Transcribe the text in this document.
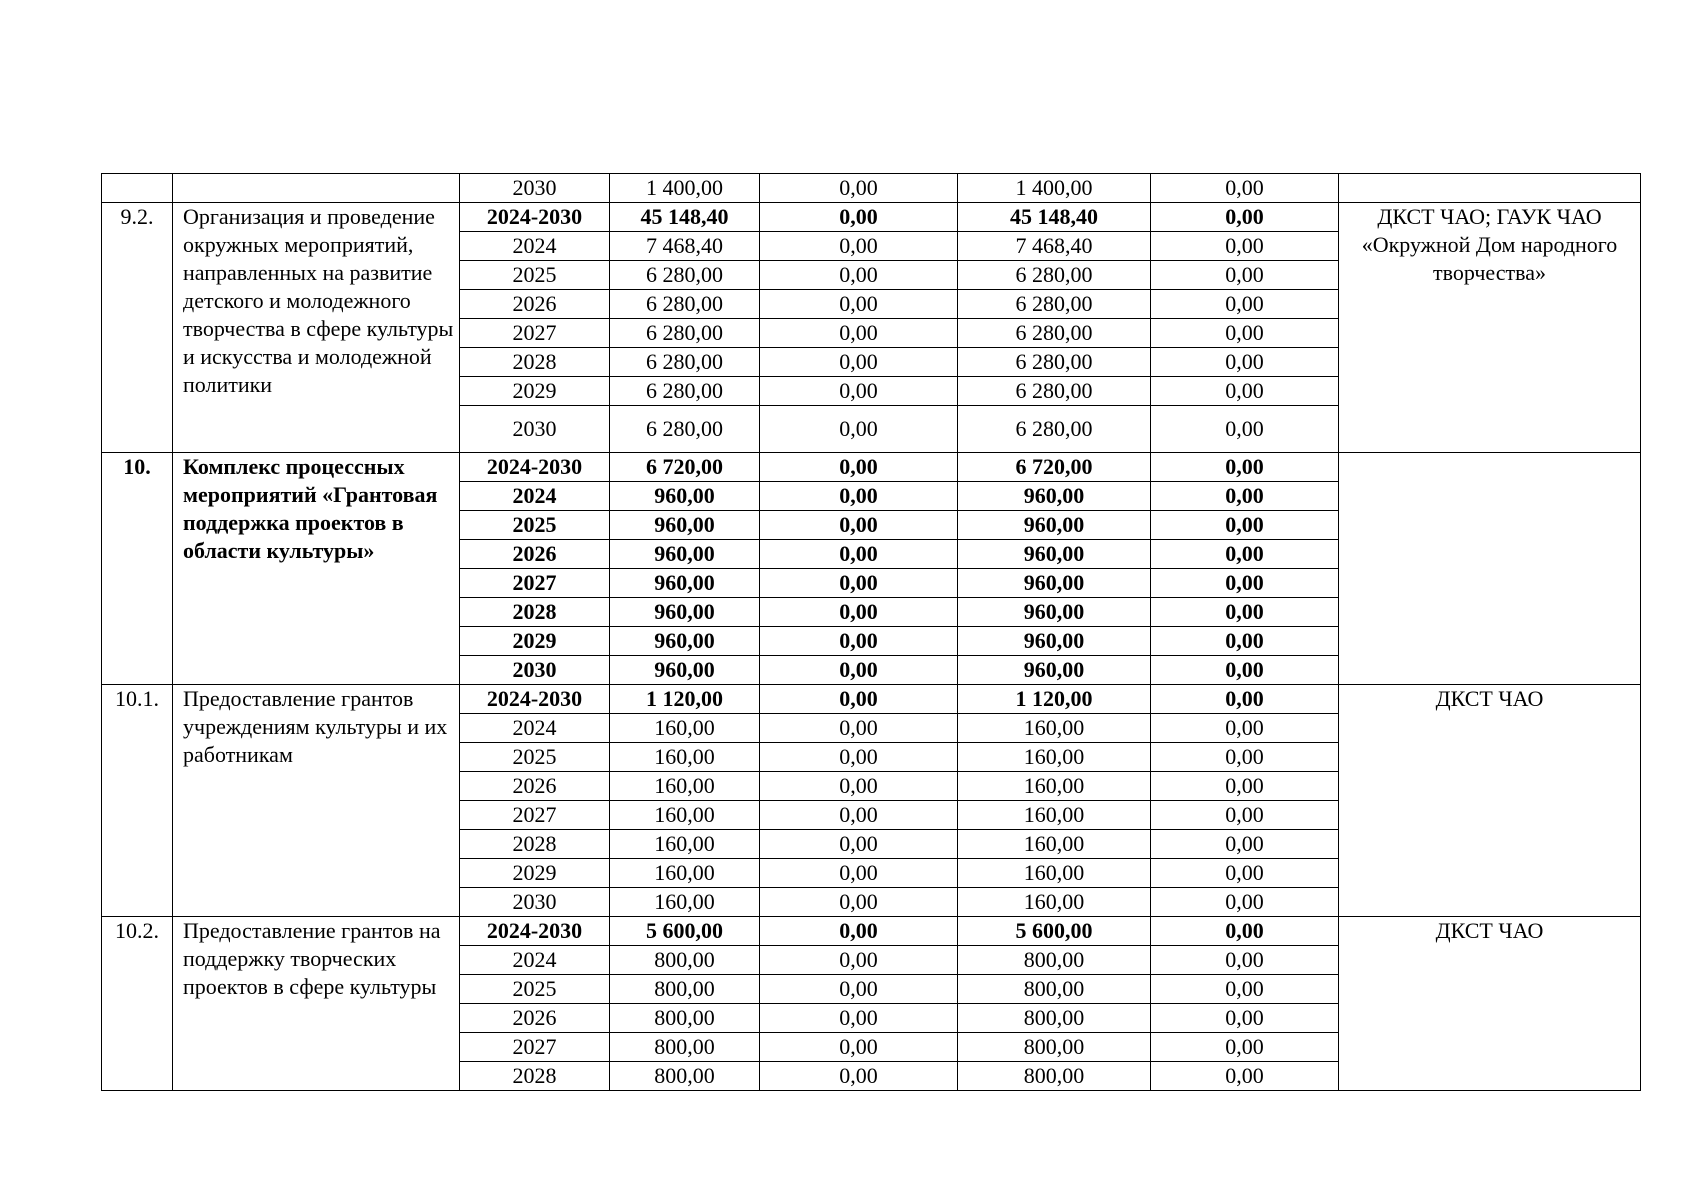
		2030	1 400,00	0,00	1 400,00	0,00	
9.2.	Организация и проведение окружных мероприятий, направленных на развитие детского и молодежного творчества в сфере культуры и искусства и молодежной политики	2024-2030	45 148,40	0,00	45 148,40	0,00	ДКСТ ЧАО; ГАУК ЧАО «Окружной Дом народного творчества»
		2024	7 468,40	0,00	7 468,40	0,00	
		2025	6 280,00	0,00	6 280,00	0,00	
		2026	6 280,00	0,00	6 280,00	0,00	
		2027	6 280,00	0,00	6 280,00	0,00	
		2028	6 280,00	0,00	6 280,00	0,00	
		2029	6 280,00	0,00	6 280,00	0,00	
		2030	6 280,00	0,00	6 280,00	0,00	
10.	Комплекс процессных мероприятий «Грантовая поддержка проектов в области культуры»	2024-2030	6 720,00	0,00	6 720,00	0,00	
		2024	960,00	0,00	960,00	0,00	
		2025	960,00	0,00	960,00	0,00	
		2026	960,00	0,00	960,00	0,00	
		2027	960,00	0,00	960,00	0,00	
		2028	960,00	0,00	960,00	0,00	
		2029	960,00	0,00	960,00	0,00	
		2030	960,00	0,00	960,00	0,00	
10.1.	Предоставление грантов учреждениям культуры и их работникам	2024-2030	1 120,00	0,00	1 120,00	0,00	ДКСТ ЧАО
		2024	160,00	0,00	160,00	0,00	
		2025	160,00	0,00	160,00	0,00	
		2026	160,00	0,00	160,00	0,00	
		2027	160,00	0,00	160,00	0,00	
		2028	160,00	0,00	160,00	0,00	
		2029	160,00	0,00	160,00	0,00	
		2030	160,00	0,00	160,00	0,00	
10.2.	Предоставление грантов на поддержку творческих проектов в сфере культуры	2024-2030	5 600,00	0,00	5 600,00	0,00	ДКСТ ЧАО
		2024	800,00	0,00	800,00	0,00	
		2025	800,00	0,00	800,00	0,00	
		2026	800,00	0,00	800,00	0,00	
		2027	800,00	0,00	800,00	0,00	
		2028	800,00	0,00	800,00	0,00	
